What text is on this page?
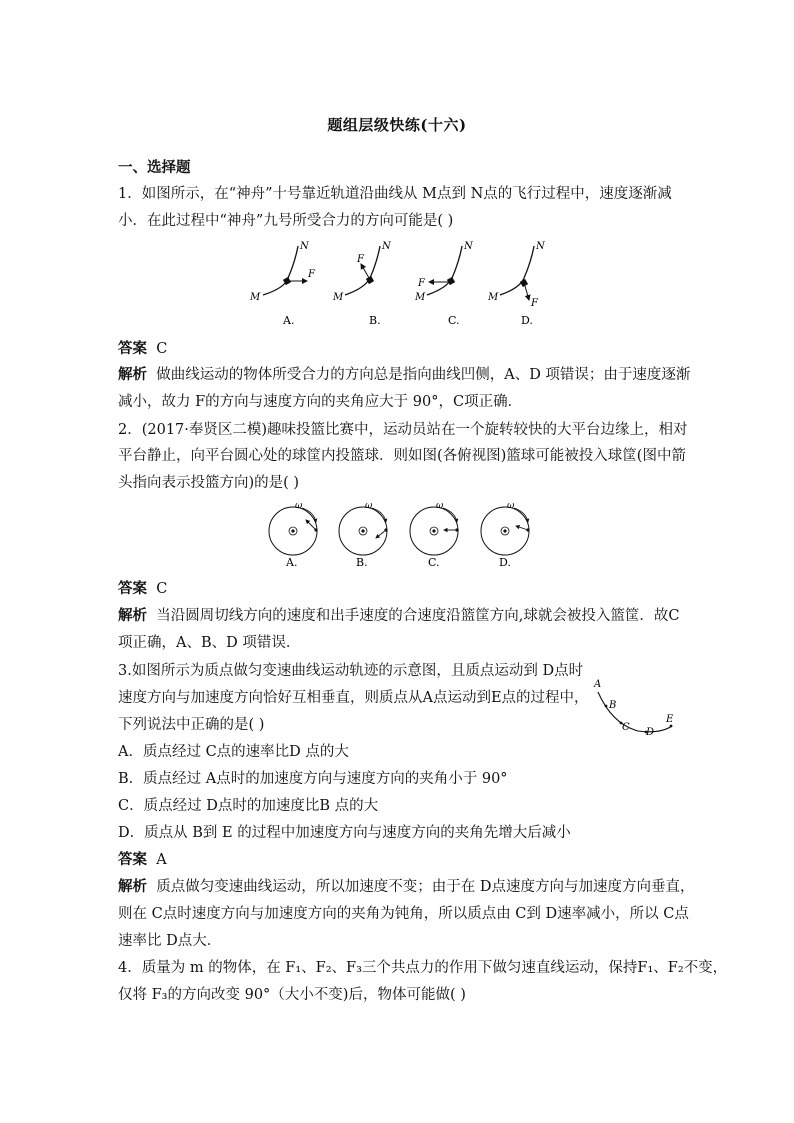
题组层级快练(十六)
一、选择题
1．如图所示，在“神舟”十号靠近轨道沿曲线从 M点到 N点的飞行过程中，速度逐渐减
小．在此过程中“神舟”九号所受合力的方向可能是( )
M
N
F
A.
F
M
N
B.
F
M
N
C.
F
M
N
D.
答案 C
解析 做曲线运动的物体所受合力的方向总是指向曲线凹侧，A、D 项错误；由于速度逐渐
减小，故力 F的方向与速度方向的夹角应大于 90°，C项正确．
2．(2017·奉贤区二模)趣味投篮比赛中，运动员站在一个旋转较快的大平台边缘上，相对
平台静止，向平台圆心处的球筐内投篮球．则如图(各俯视图)篮球可能被投入球筐(图中箭
头指向表示投篮方向)的是( )
ω
A.
ω
B.
ω
C.
ω
D.
答案 C
解析 当沿圆周切线方向的速度和出手速度的合速度沿篮筐方向,球就会被投入篮筐．故C
项正确，A、B、D 项错误．
3.如图所示为质点做匀变速曲线运动轨迹的示意图，且质点运动到 D点时
速度方向与加速度方向恰好互相垂直，则质点从A点运动到E点的过程中，
下列说法中正确的是( )
A
B
C D
E
A．质点经过 C点的速率比D 点的大
B．质点经过 A点时的加速度方向与速度方向的夹角小于 90°
C．质点经过 D点时的加速度比B 点的大
D．质点从 B到 E 的过程中加速度方向与速度方向的夹角先增大后减小
答案 A
解析 质点做匀变速曲线运动，所以加速度不变；由于在 D点速度方向与加速度方向垂直，
则在 C点时速度方向与加速度方向的夹角为钝角，所以质点由 C到 D速率减小，所以 C点
速率比 D点大．
4．质量为 m 的物体，在 F₁、F₂、F₃三个共点力的作用下做匀速直线运动，保持F₁、F₂不变，
仅将 F₃的方向改变 90°（大小不变)后，物体可能做( )
